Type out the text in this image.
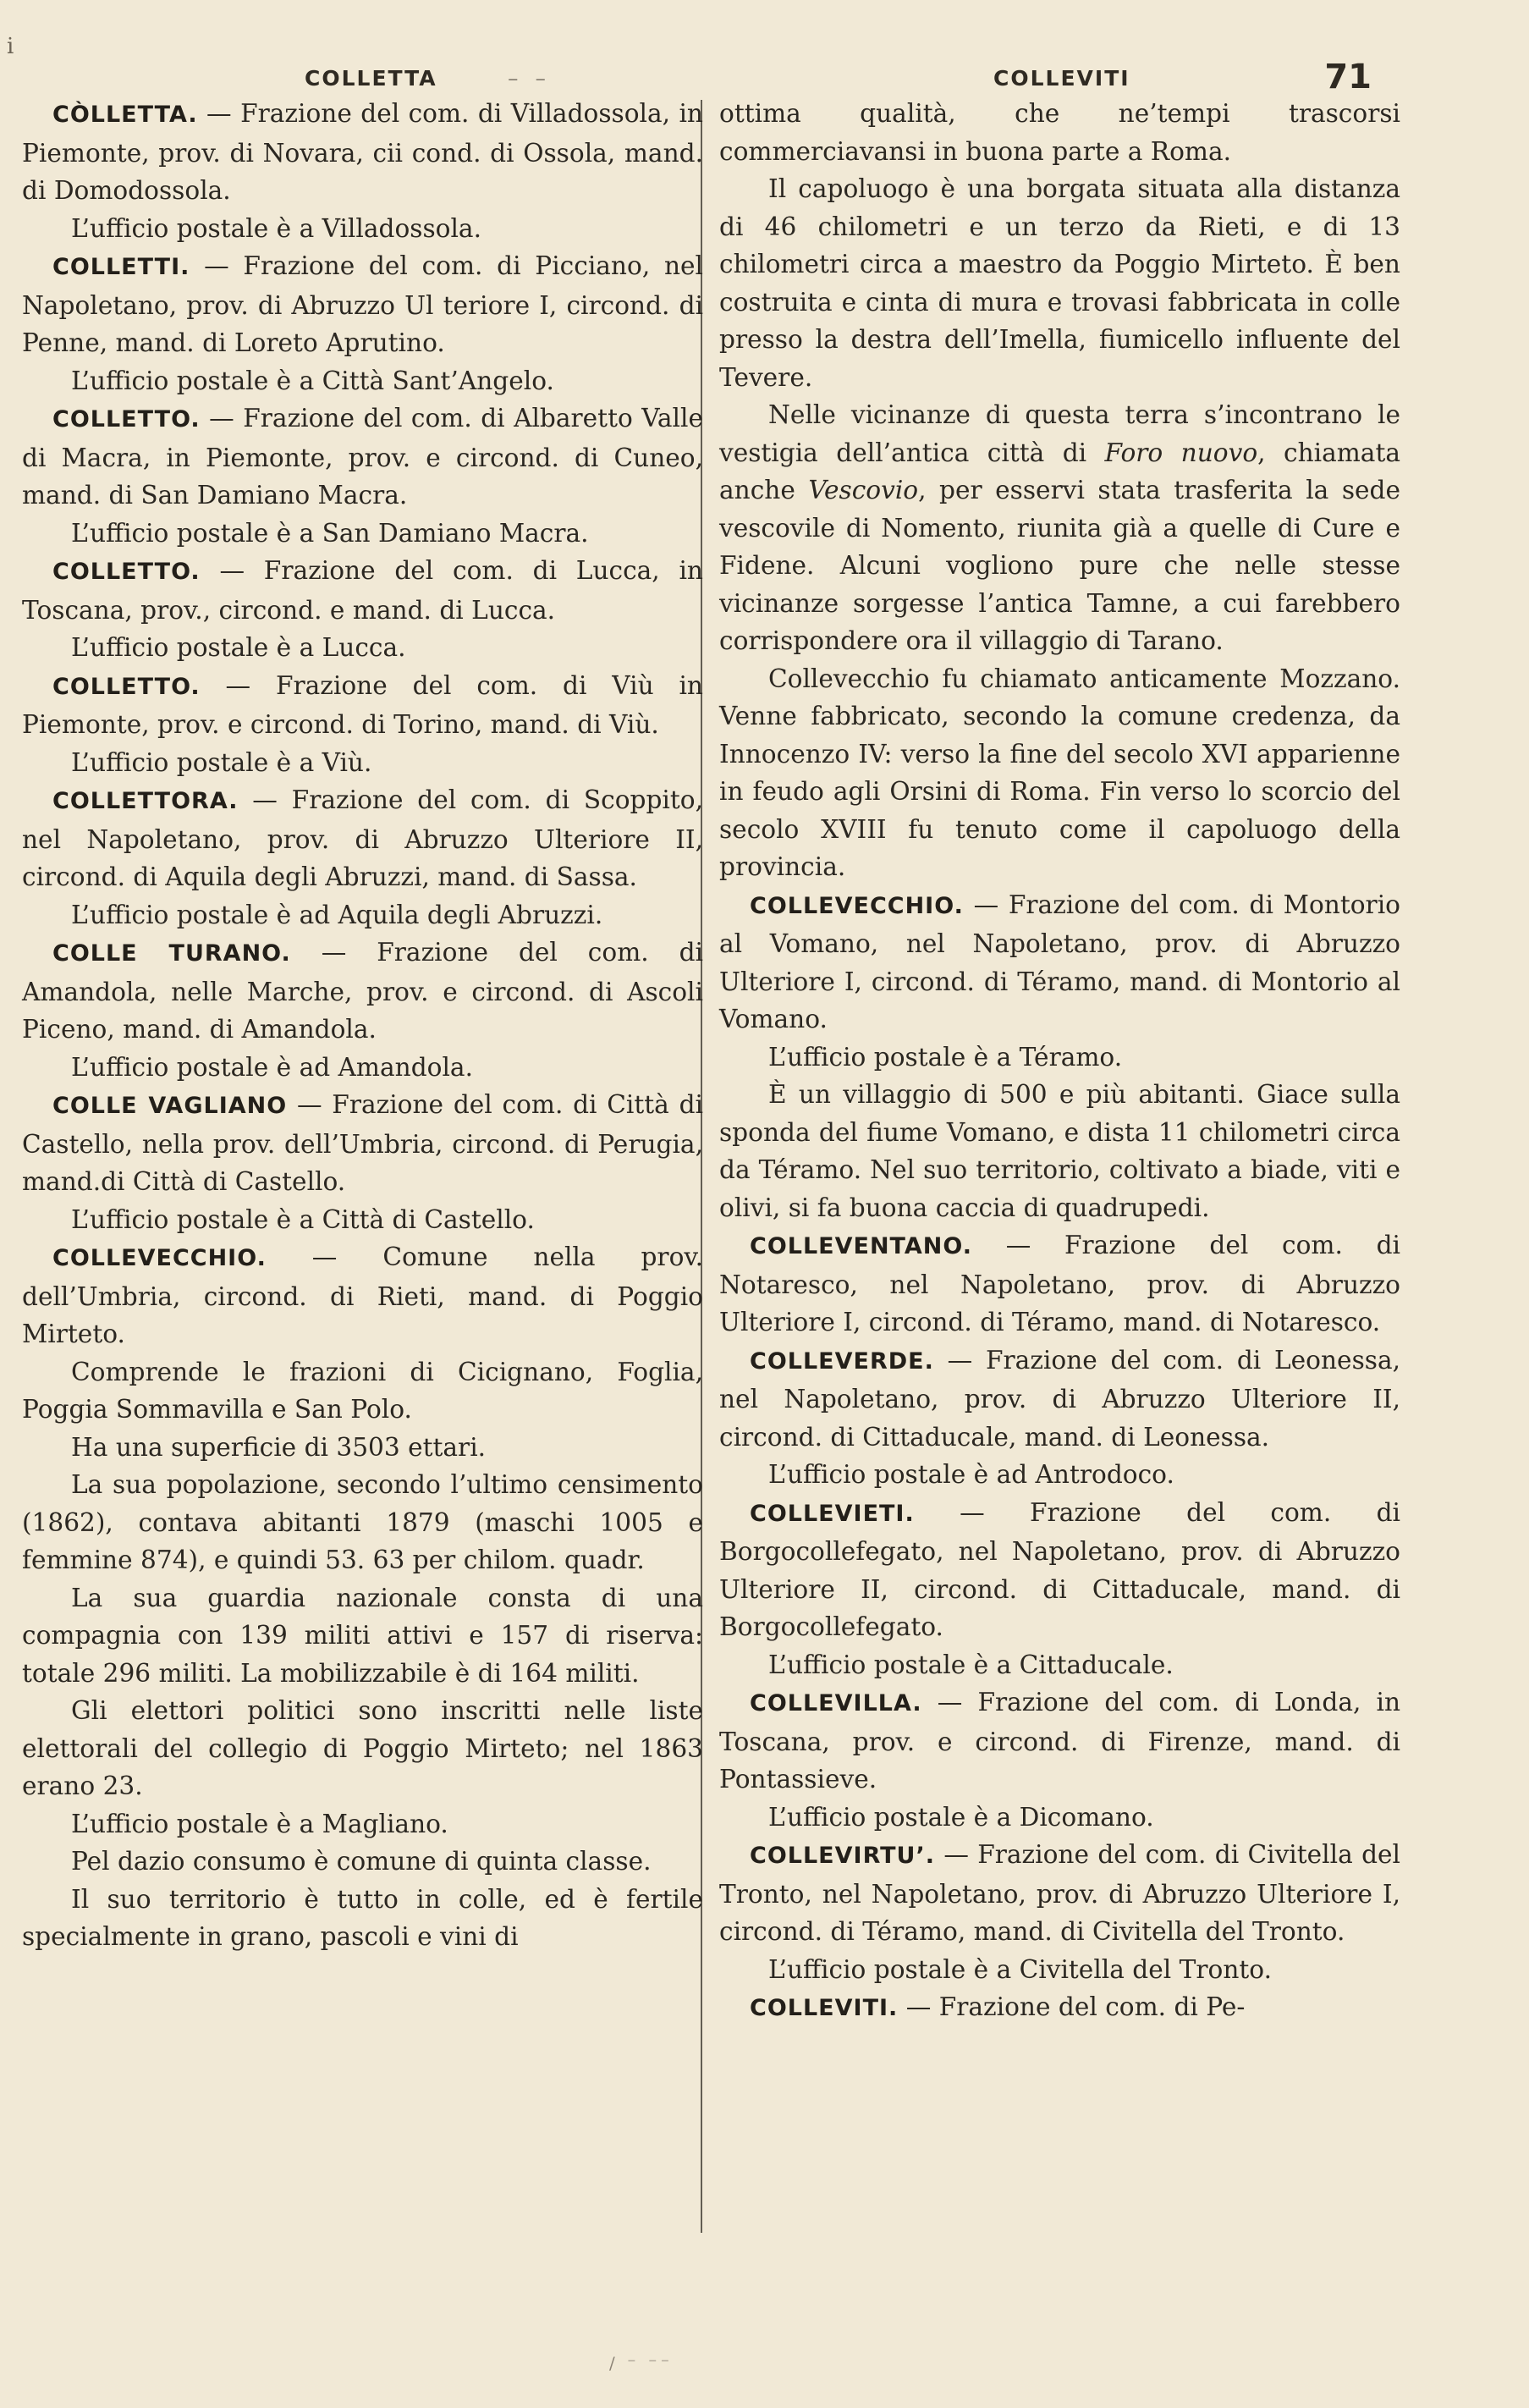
i
COLLETTA	– –	COLLEVITI	71

CÒLLETTA. — Frazione del com. di Villadossola, in Piemonte, prov. di Novara, cii cond. di Ossola, mand. di Domodossola.

L’ufficio postale è a Villadossola.

COLLETTI. — Frazione del com. di Picciano, nel Napoletano, prov. di Abruzzo Ul teriore I, circond. di Penne, mand. di Loreto Aprutino.

L’ufficio postale è a Città Sant’Angelo.

COLLETTO. — Frazione del com. di Albaretto Valle di Macra, in Piemonte, prov. e circond. di Cuneo, mand. di San Damiano Macra.

L’ufficio postale è a San Damiano Macra.

COLLETTO. — Frazione del com. di Lucca, in Toscana, prov., circond. e mand. di Lucca.

L’ufficio postale è a Lucca.

COLLETTO. — Frazione del com. di Viù in Piemonte, prov. e circond. di Torino, mand. di Viù.

L’ufficio postale è a Viù.

COLLETTORA. — Frazione del com. di Scoppito, nel Napoletano, prov. di Abruzzo Ulteriore II, circond. di Aquila degli Abruzzi, mand. di Sassa.

L’ufficio postale è ad Aquila degli Abruzzi.

COLLE TURANO. — Frazione del com. di Amandola, nelle Marche, prov. e circond. di Ascoli Piceno, mand. di Amandola.

L’ufficio postale è ad Amandola.

COLLE VAGLIANO — Frazione del com. di Città di Castello, nella prov. dell’Umbria, circond. di Perugia, mand.di Città di Castello.

L’ufficio postale è a Città di Castello.

COLLEVECCHIO. — Comune nella prov. dell’Umbria, circond. di Rieti, mand. di Poggio Mirteto.

Comprende le frazioni di Cicignano, Foglia, Poggia Sommavilla e San Polo.

Ha una superficie di 3503 ettari.

La sua popolazione, secondo l’ultimo censimento (1862), contava abitanti 1879 (maschi 1005 e femmine 874), e quindi 53. 63 per chilom. quadr.

La sua guardia nazionale consta di una compagnia con 139 militi attivi e 157 di riserva: totale 296 militi. La mobilizzabile è di 164 militi.

Gli elettori politici sono inscritti nelle liste elettorali del collegio di Poggio Mirteto; nel 1863 erano 23.

L’ufficio postale è a Magliano.

Pel dazio consumo è comune di quinta classe.

Il suo territorio è tutto in colle, ed è fertile specialmente in grano, pascoli e vini di

ottima qualità, che ne’tempi trascorsi commerciavansi in buona parte a Roma.

Il capoluogo è una borgata situata alla distanza di 46 chilometri e un terzo da Rieti, e di 13 chilometri circa a maestro da Poggio Mirteto. È ben costruita e cinta di mura e trovasi fabbricata in colle presso la destra dell’Imella, fiumicello influente del Tevere.

Nelle vicinanze di questa terra s’incontrano le vestigia dell’antica città di Foro nuovo, chiamata anche Vescovio, per esservi stata trasferita la sede vescovile di Nomento, riunita già a quelle di Cure e Fidene. Alcuni vogliono pure che nelle stesse vicinanze sorgesse l’antica Tamne, a cui farebbero corrispondere ora il villaggio di Tarano.

Collevecchio fu chiamato anticamente Mozzano. Venne fabbricato, secondo la comune credenza, da Innocenzo IV: verso la fine del secolo XVI apparienne in feudo agli Orsini di Roma. Fin verso lo scorcio del secolo XVIII fu tenuto come il capoluogo della provincia.

COLLEVECCHIO. — Frazione del com. di Montorio al Vomano, nel Napoletano, prov. di Abruzzo Ulteriore I, circond. di Téramo, mand. di Montorio al Vomano.

L’ufficio postale è a Téramo.

È un villaggio di 500 e più abitanti. Giace sulla sponda del fiume Vomano, e dista 11 chilometri circa da Téramo. Nel suo territorio, coltivato a biade, viti e olivi, si fa buona caccia di quadrupedi.

COLLEVENTANO. — Frazione del com. di Notaresco, nel Napoletano, prov. di Abruzzo Ulteriore I, circond. di Téramo, mand. di Notaresco.

COLLEVERDE. — Frazione del com. di Leonessa, nel Napoletano, prov. di Abruzzo Ulteriore II, circond. di Cittaducale, mand. di Leonessa.

L’ufficio postale è ad Antrodoco.

COLLEVIETI. — Frazione del com. di Borgocollefegato, nel Napoletano, prov. di Abruzzo Ulteriore II, circond. di Cittaducale, mand. di Borgocollefegato.

L’ufficio postale è a Cittaducale.

COLLEVILLA. — Frazione del com. di Londa, in Toscana, prov. e circond. di Firenze, mand. di Pontassieve.

L’ufficio postale è a Dicomano.

COLLEVIRTU’. — Frazione del com. di Civitella del Tronto, nel Napoletano, prov. di Abruzzo Ulteriore I, circond. di Téramo, mand. di Civitella del Tronto.

L’ufficio postale è a Civitella del Tronto.

COLLEVITI. — Frazione del com. di Pe-

/ ⁻ ⁻⁻
